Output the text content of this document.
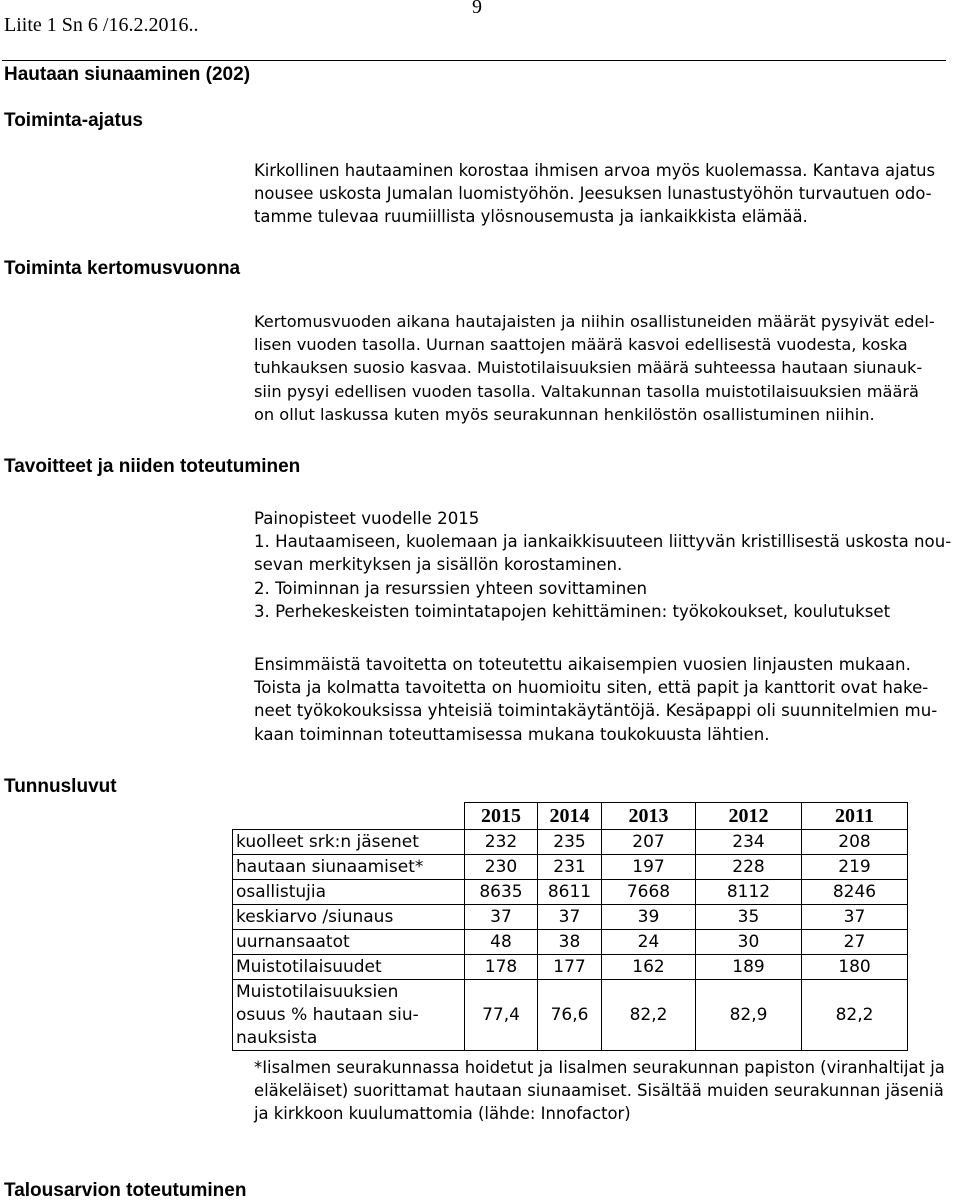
Liite 1 Sn 6 /16.2.2016..
9
Hautaan siunaaminen (202)
Toiminta-ajatus
Kirkollinen hautaaminen korostaa ihmisen arvoa myös kuolemassa. Kantava ajatus
nousee uskosta Jumalan luomistyöhön. Jeesuksen lunastustyöhön turvautuen odo-
tamme tulevaa ruumiillista ylösnousemusta ja iankaikkista elämää.
Toiminta kertomusvuonna
Kertomusvuoden aikana hautajaisten ja niihin osallistuneiden määrät pysyivät edel-
lisen vuoden tasolla. Uurnan saattojen määrä kasvoi edellisestä vuodesta, koska
tuhkauksen suosio kasvaa. Muistotilaisuuksien määrä suhteessa hautaan siunauk-
siin pysyi edellisen vuoden tasolla. Valtakunnan tasolla muistotilaisuuksien määrä
on ollut laskussa kuten myös seurakunnan henkilöstön osallistuminen niihin.
Tavoitteet ja niiden toteutuminen
Painopisteet vuodelle 2015
1. Hautaamiseen, kuolemaan ja iankaikkisuuteen liittyvän kristillisestä uskosta nou-
sevan merkityksen ja sisällön korostaminen.
2. Toiminnan ja resurssien yhteen sovittaminen
3. Perhekeskeisten toimintatapojen kehittäminen: työkokoukset, koulutukset
Ensimmäistä tavoitetta on toteutettu aikaisempien vuosien linjausten mukaan.
Toista ja kolmatta tavoitetta on huomioitu siten, että papit ja kanttorit ovat hake-
neet työkokouksissa yhteisiä toimintakäytäntöjä. Kesäpappi oli suunnitelmien mu-
kaan toiminnan toteuttamisessa mukana toukokuusta lähtien.
Tunnusluvut
	2015	2014	2013	2012	2011
kuolleet srk:n jäsenet	232	235	207	234	208
hautaan siunaamiset*	230	231	197	228	219
osallistujia	8635	8611	7668	8112	8246
keskiarvo /siunaus	37	37	39	35	37
uurnansaatot	48	38	24	30	27
Muistotilaisuudet	178	177	162	189	180

Muistotilaisuuksien
osuus % hautaan siu-
nauksista	77,4	76,6	82,2	82,9	82,2
*Iisalmen seurakunnassa hoidetut ja Iisalmen seurakunnan papiston (viranhaltijat ja
eläkeläiset) suorittamat hautaan siunaamiset. Sisältää muiden seurakunnan jäseniä
ja kirkkoon kuulumattomia (lähde: Innofactor)
Talousarvion toteutuminen
